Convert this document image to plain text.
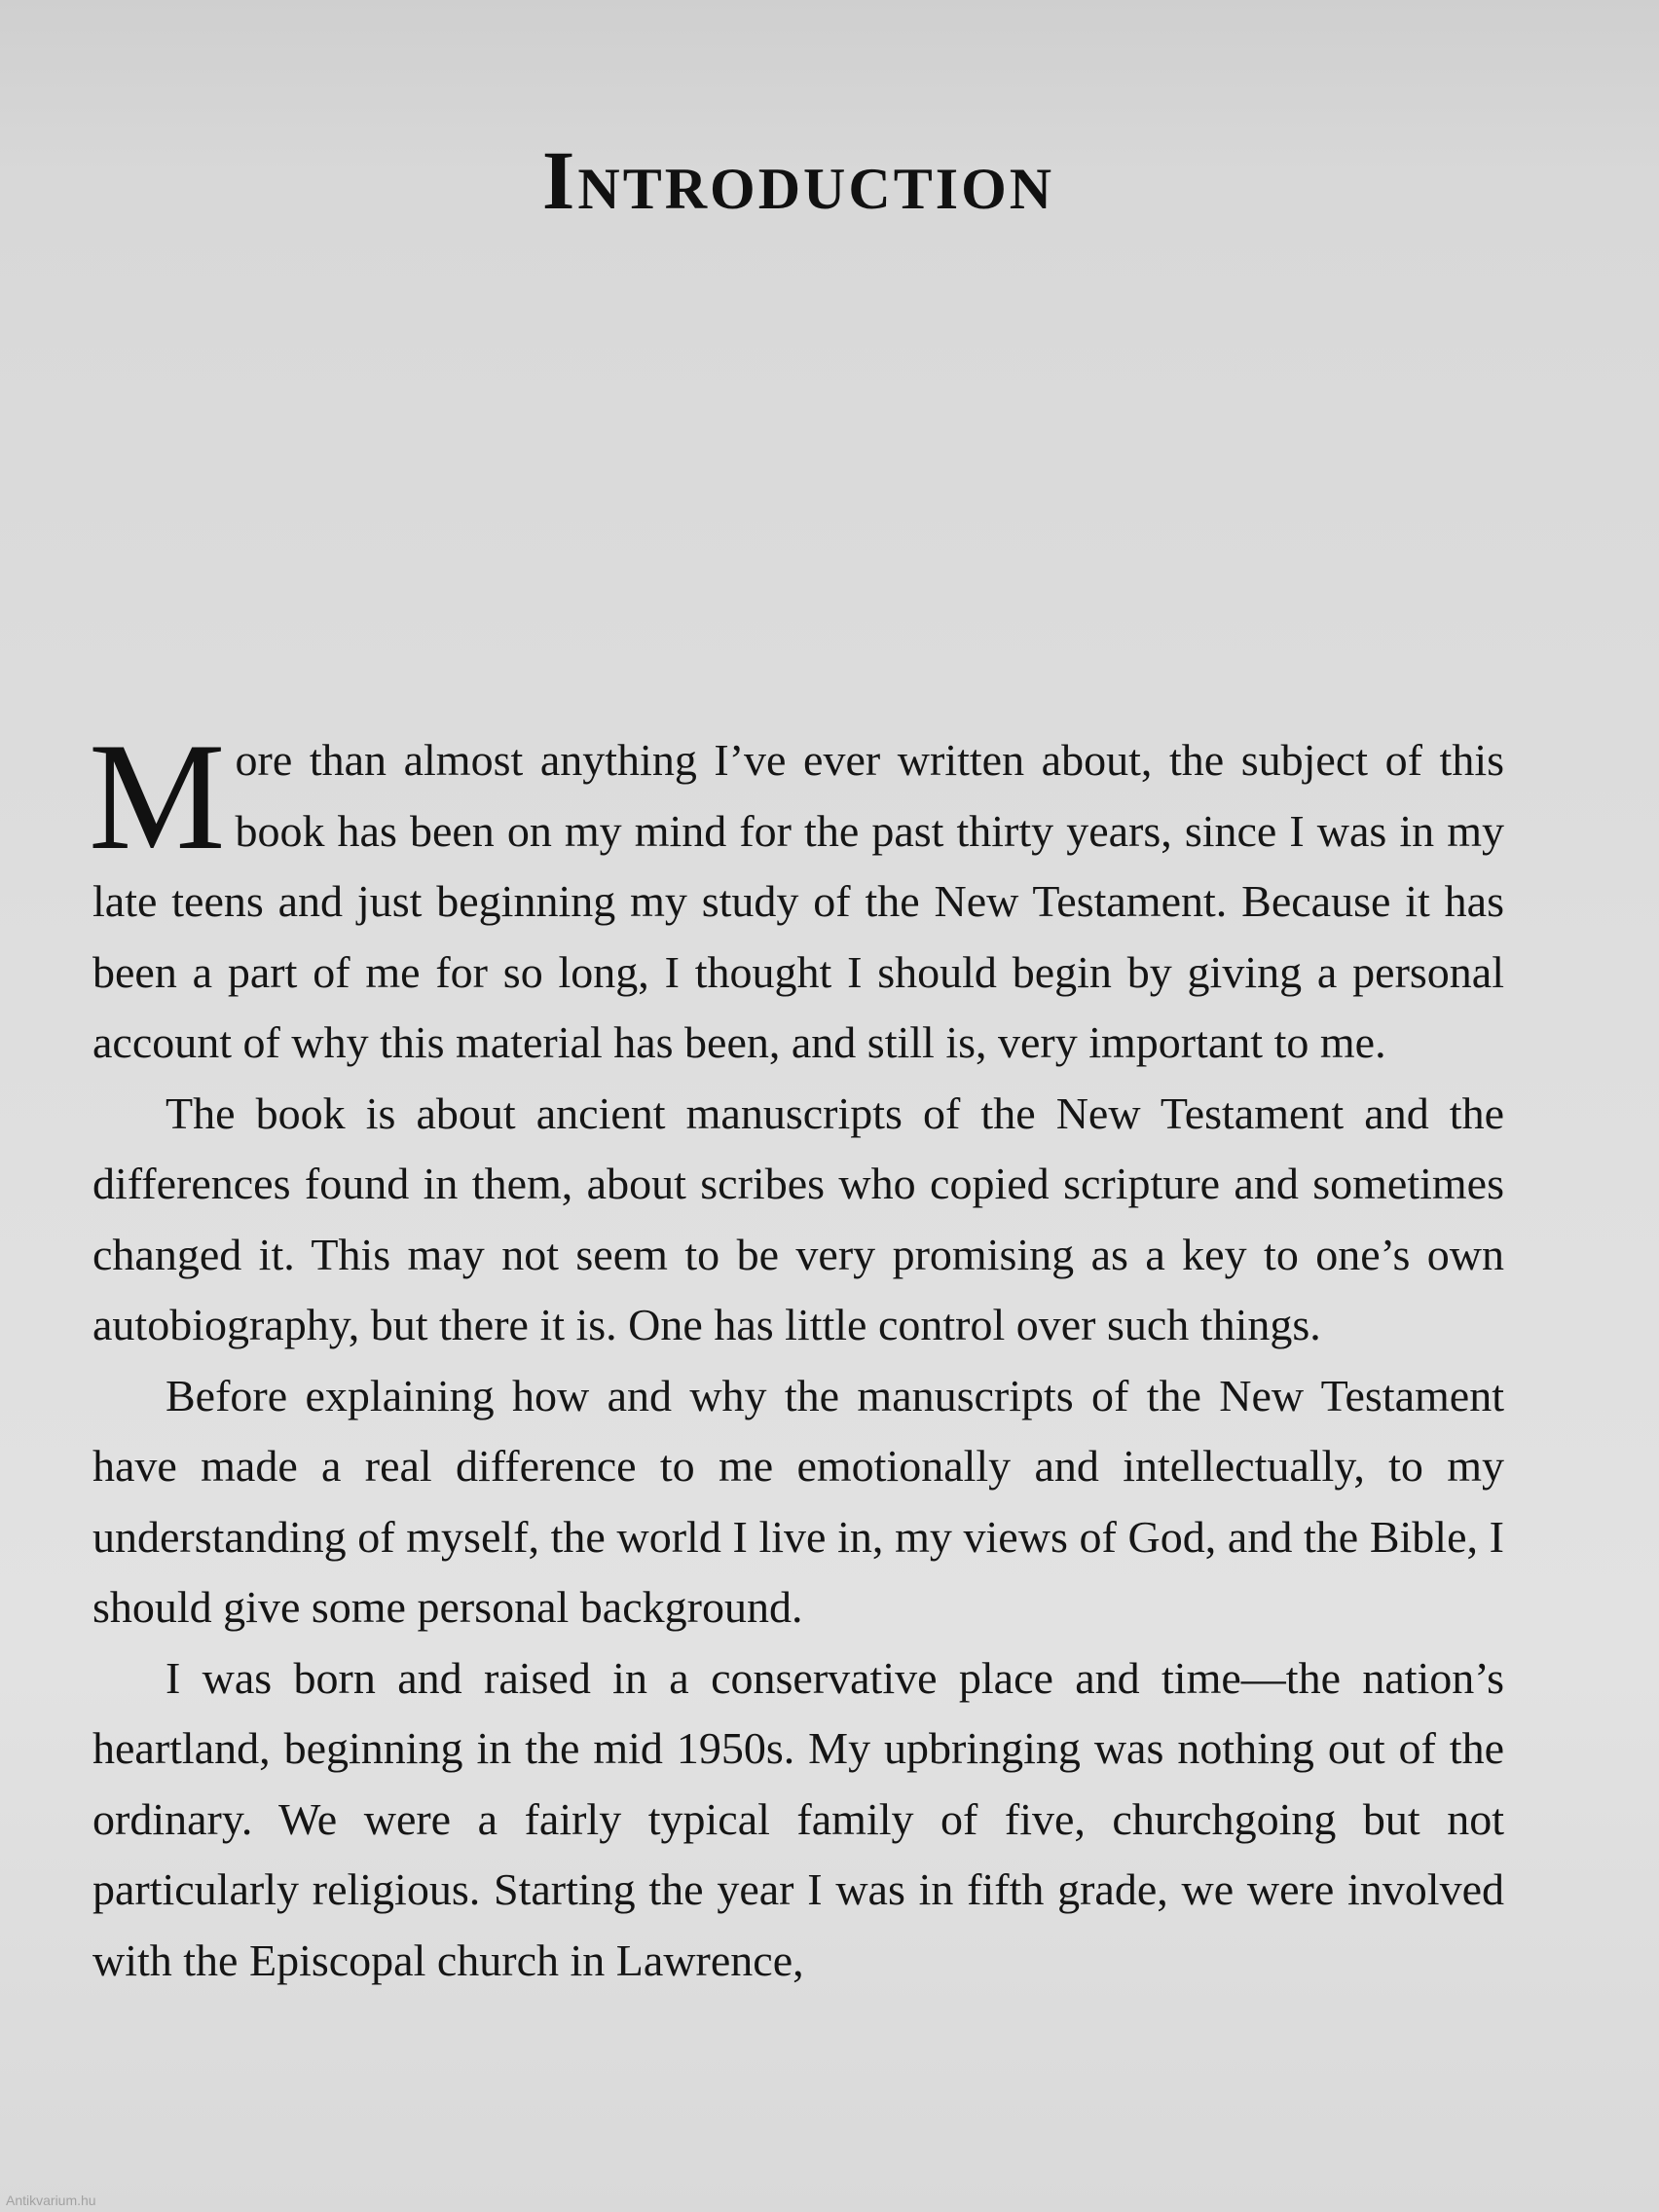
Introduction

More than almost anything I’ve ever written about, the subject of this book has been on my mind for the past thirty years, since I was in my late teens and just beginning my study of the New Testament. Because it has been a part of me for so long, I thought I should begin by giving a personal account of why this material has been, and still is, very important to me.

The book is about ancient manuscripts of the New Testament and the differences found in them, about scribes who copied scripture and sometimes changed it. This may not seem to be very promising as a key to one’s own autobiography, but there it is. One has little control over such things.

Before explaining how and why the manuscripts of the New Testament have made a real difference to me emotionally and intellectually, to my understanding of myself, the world I live in, my views of God, and the Bible, I should give some personal background.

I was born and raised in a conservative place and time—the nation’s heartland, beginning in the mid 1950s. My upbringing was nothing out of the ordinary. We were a fairly typical family of five, churchgoing but not particularly religious. Starting the year I was in fifth grade, we were involved with the Episcopal church in Lawrence,

Antikvarium.hu
